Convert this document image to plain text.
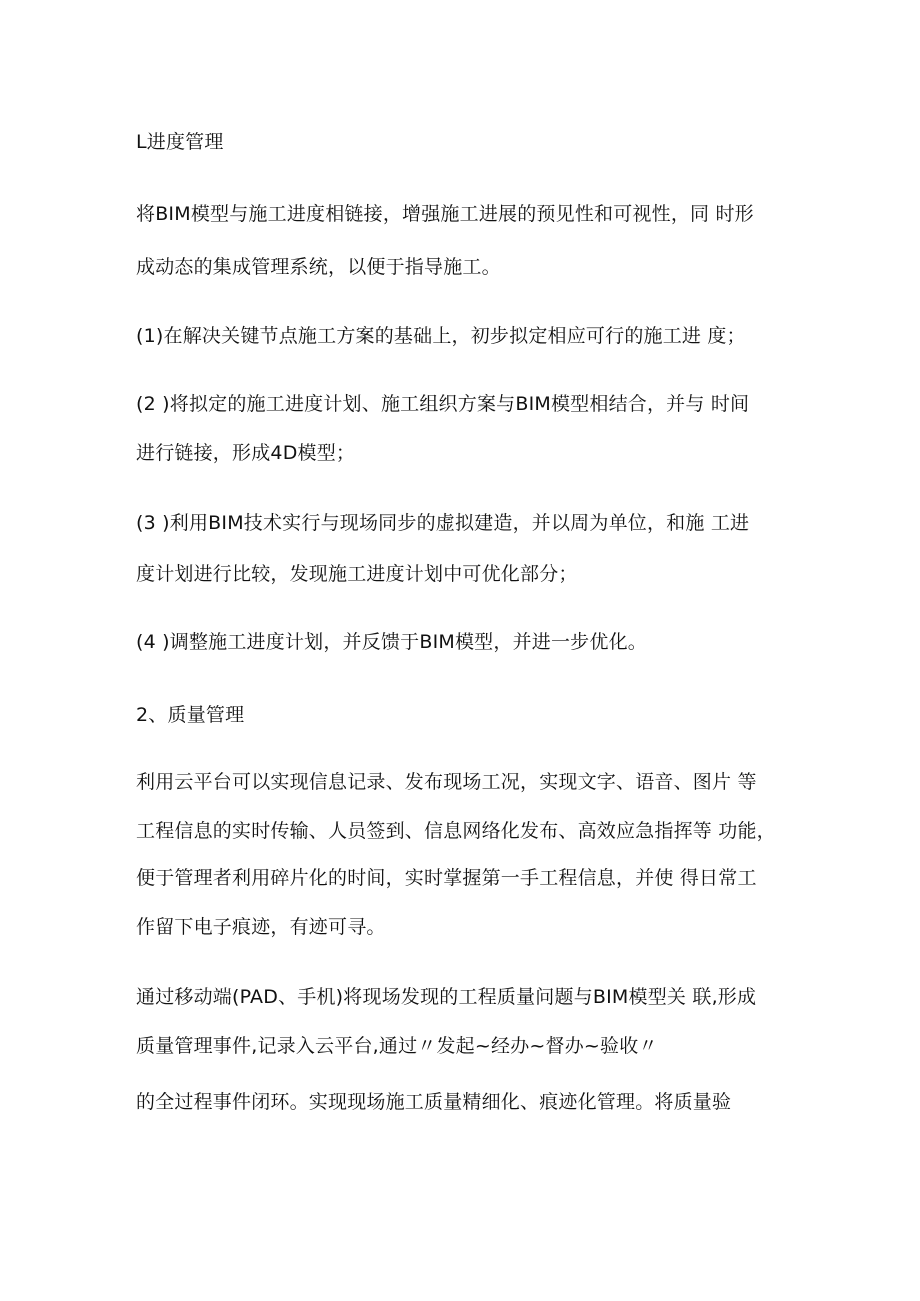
L进度管理
将BIM模型与施工进度相链接，增强施工进展的预见性和可视性，同 时形
成动态的集成管理系统，以便于指导施工。
(1)在解决关键节点施工方案的基础上，初步拟定相应可行的施工进 度；
(2 )将拟定的施工进度计划、施工组织方案与BIM模型相结合，并与 时间
进行链接，形成4D模型；
(3 )利用BIM技术实行与现场同步的虚拟建造，并以周为单位，和施 工进
度计划进行比较，发现施工进度计划中可优化部分；
(4 )调整施工进度计划，并反馈于BIM模型，并进一步优化。
2、质量管理
利用云平台可以实现信息记录、发布现场工况，实现文字、语音、图片 等
工程信息的实时传输、人员签到、信息网络化发布、高效应急指挥等 功能，
便于管理者利用碎片化的时间，实时掌握第一手工程信息，并使 得日常工
作留下电子痕迹，有迹可寻。
通过移动端(PAD、手机)将现场发现的工程质量问题与BIM模型关 联,形成
质量管理事件,记录入云平台,通过〃发起~经办~督办~验收〃
的全过程事件闭环。实现现场施工质量精细化、痕迹化管理。将质量验
